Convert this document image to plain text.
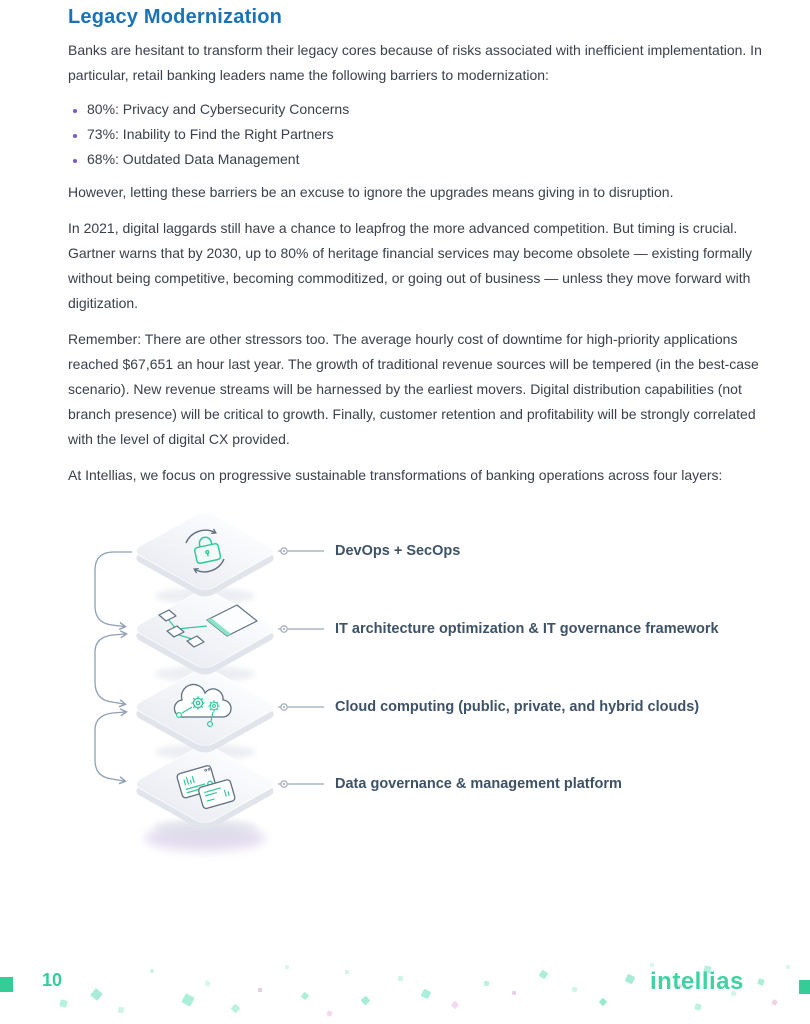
Legacy Modernization

Banks are hesitant to transform their legacy cores because of risks associated with inefficient implementation. In particular, retail banking leaders name the following barriers to modernization:

• 80%: Privacy and Cybersecurity Concerns
• 73%: Inability to Find the Right Partners
• 68%: Outdated Data Management

However, letting these barriers be an excuse to ignore the upgrades means giving in to disruption.

In 2021, digital laggards still have a chance to leapfrog the more advanced competition. But timing is crucial. Gartner warns that by 2030, up to 80% of heritage financial services may become obsolete — existing formally without being competitive, becoming commoditized, or going out of business — unless they move forward with digitization.

Remember: There are other stressors too. The average hourly cost of downtime for high-priority applications reached $67,651 an hour last year. The growth of traditional revenue sources will be tempered (in the best-case scenario). New revenue streams will be harnessed by the earliest movers. Digital distribution capabilities (not branch presence) will be critical to growth. Finally, customer retention and profitability will be strongly correlated with the level of digital CX provided.

At Intellias, we focus on progressive sustainable transformations of banking operations across four layers:

DevOps + SecOps
IT architecture optimization & IT governance framework
Cloud computing (public, private, and hybrid clouds)
Data governance & management platform
10	intellias
